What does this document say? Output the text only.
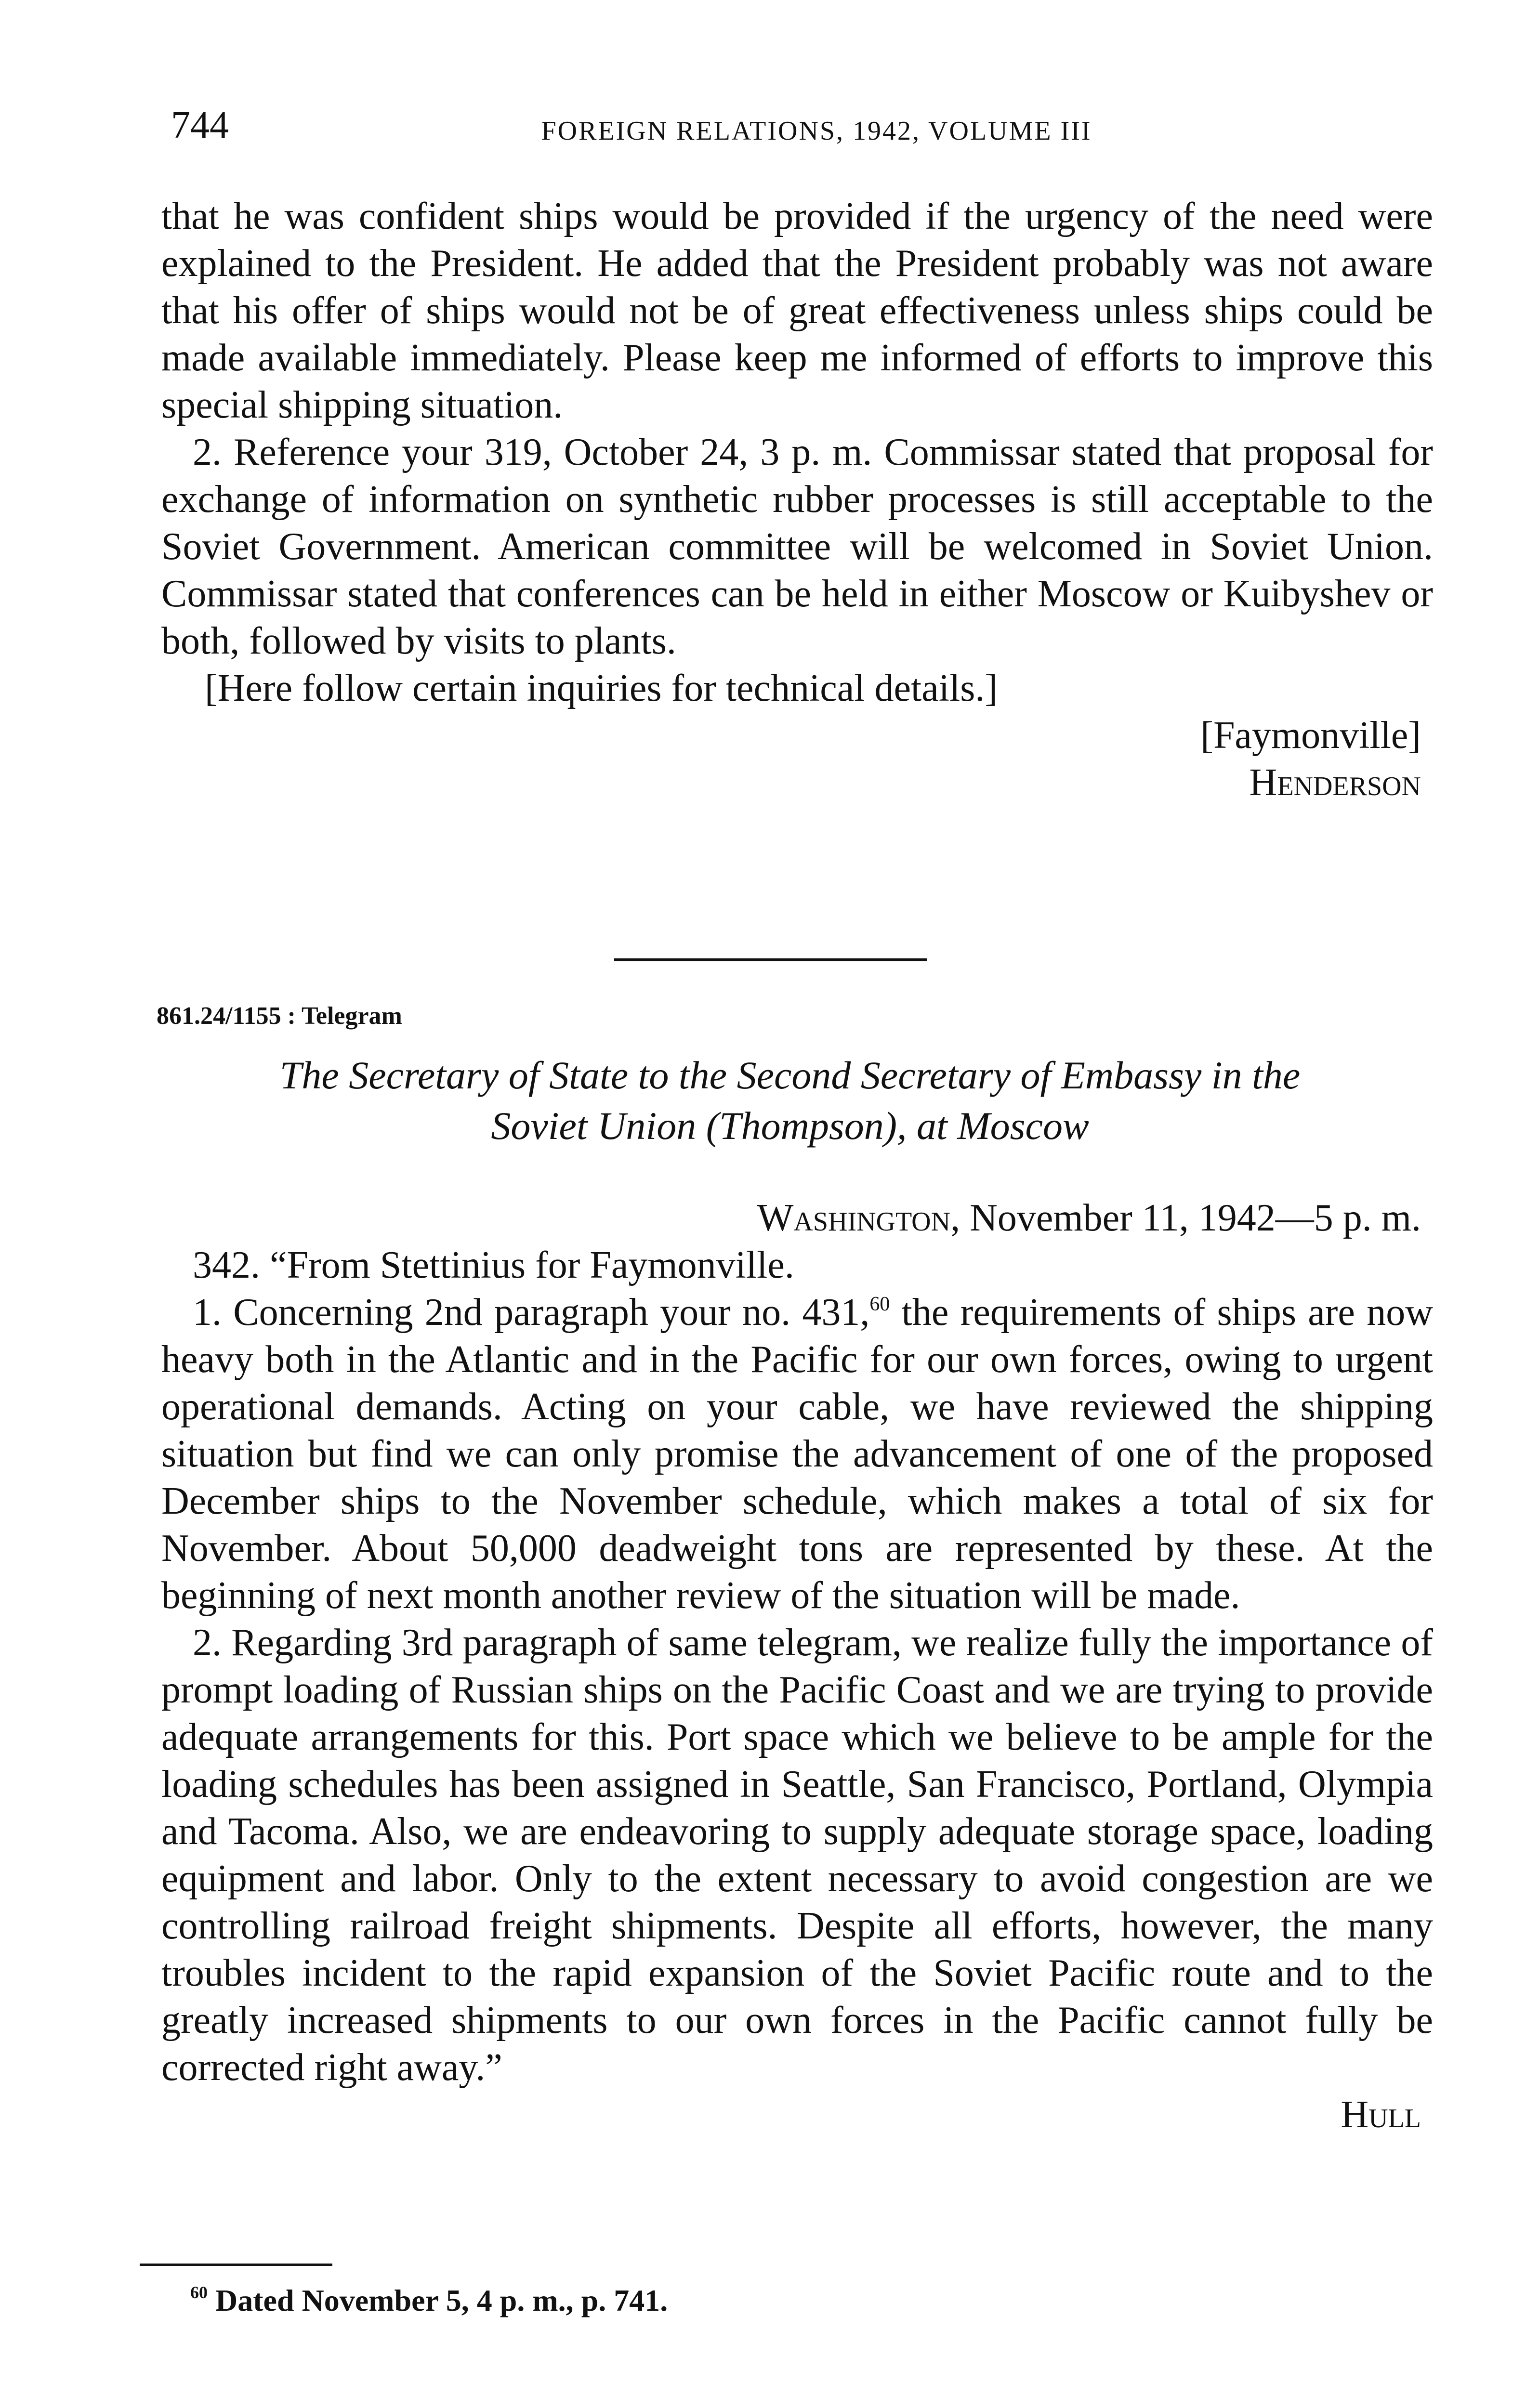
744	FOREIGN RELATIONS, 1942, VOLUME III

that he was confident ships would be provided if the urgency of the need were explained to the President. He added that the President probably was not aware that his offer of ships would not be of great effectiveness unless ships could be made available immediately. Please keep me informed of efforts to improve this special shipping situation.

2. Reference your 319, October 24, 3 p. m. Commissar stated that proposal for exchange of information on synthetic rubber processes is still acceptable to the Soviet Government. American committee will be welcomed in Soviet Union. Commissar stated that conferences can be held in either Moscow or Kuibyshev or both, followed by visits to plants.

[Here follow certain inquiries for technical details.]

[Faymonville]

Henderson

861.24/1155 : Telegram
The Secretary of State to the Second Secretary of Embassy in the
Soviet Union (Thompson), at Moscow

Washington, November 11, 1942—5 p. m.

342. “From Stettinius for Faymonville.

1. Concerning 2nd paragraph your no. 431,60 the requirements of ships are now heavy both in the Atlantic and in the Pacific for our own forces, owing to urgent operational demands. Acting on your cable, we have reviewed the shipping situation but find we can only promise the advancement of one of the proposed December ships to the November schedule, which makes a total of six for November. About 50,000 deadweight tons are represented by these. At the beginning of next month another review of the situation will be made.

2. Regarding 3rd paragraph of same telegram, we realize fully the importance of prompt loading of Russian ships on the Pacific Coast and we are trying to provide adequate arrangements for this. Port space which we believe to be ample for the loading schedules has been assigned in Seattle, San Francisco, Portland, Olympia and Tacoma. Also, we are endeavoring to supply adequate storage space, loading equipment and labor. Only to the extent necessary to avoid congestion are we controlling railroad freight shipments. Despite all efforts, however, the many troubles incident to the rapid expansion of the Soviet Pacific route and to the greatly increased shipments to our own forces in the Pacific cannot fully be corrected right away.”

Hull

$^{60}$ Dated November 5, 4 p. m., p. 741.
